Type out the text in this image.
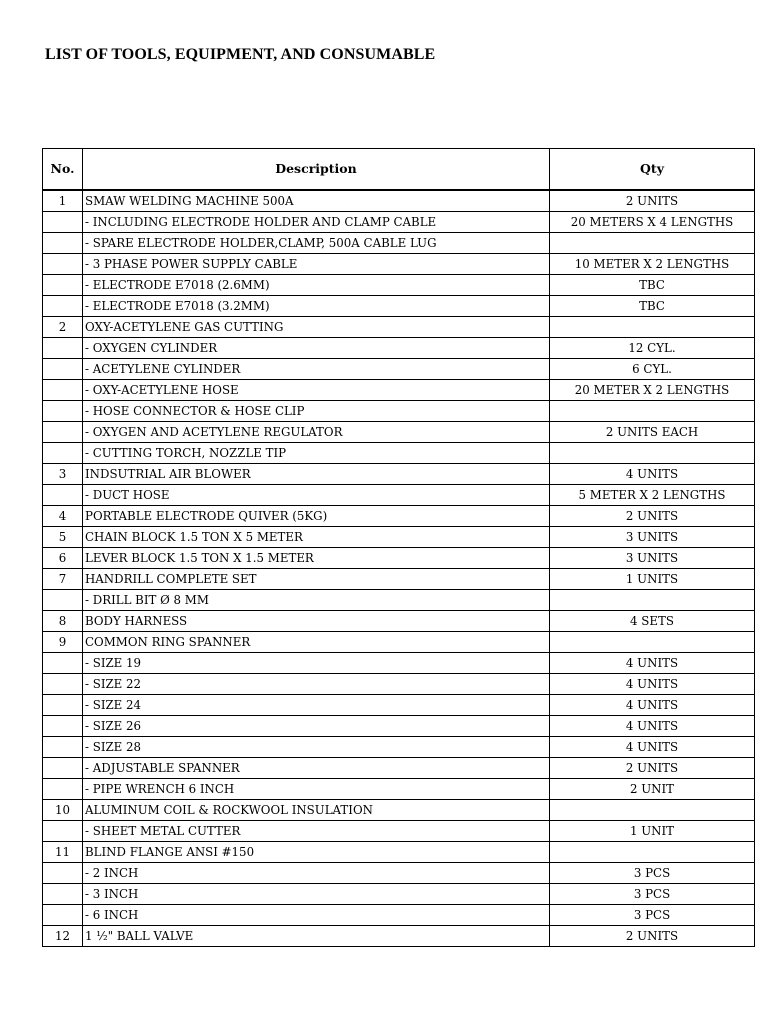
LIST OF TOOLS, EQUIPMENT, AND CONSUMABLE
No.	Description	Qty
1	SMAW WELDING MACHINE 500A	2 UNITS
	- INCLUDING ELECTRODE HOLDER AND CLAMP CABLE	20 METERS X 4 LENGTHS
	- SPARE ELECTRODE HOLDER,CLAMP, 500A CABLE LUG	
	- 3 PHASE POWER SUPPLY CABLE	10 METER X 2 LENGTHS
	- ELECTRODE E7018 (2.6MM)	TBC
	- ELECTRODE E7018 (3.2MM)	TBC
2	OXY-ACETYLENE GAS CUTTING	
	- OXYGEN CYLINDER	12 CYL.
	- ACETYLENE CYLINDER	6 CYL.
	- OXY-ACETYLENE HOSE	20 METER X 2 LENGTHS
	- HOSE CONNECTOR & HOSE CLIP	
	- OXYGEN AND ACETYLENE REGULATOR	2 UNITS EACH
	- CUTTING TORCH, NOZZLE TIP	
3	INDSUTRIAL AIR BLOWER	4 UNITS
	- DUCT HOSE	5 METER X 2 LENGTHS
4	PORTABLE ELECTRODE QUIVER (5KG)	2 UNITS
5	CHAIN BLOCK 1.5 TON X 5 METER	3 UNITS
6	LEVER BLOCK 1.5 TON X 1.5 METER	3 UNITS
7	HANDRILL COMPLETE SET	1 UNITS
	- DRILL BIT Ø 8 MM	
8	BODY HARNESS	4 SETS
9	COMMON RING SPANNER	
	- SIZE 19	4 UNITS
	- SIZE 22	4 UNITS
	- SIZE 24	4 UNITS
	- SIZE 26	4 UNITS
	- SIZE 28	4 UNITS
	- ADJUSTABLE SPANNER	2 UNITS
	- PIPE WRENCH 6 INCH	2 UNIT
10	ALUMINUM COIL & ROCKWOOL INSULATION	
	- SHEET METAL CUTTER	1 UNIT
11	BLIND FLANGE ANSI #150	
	- 2 INCH	3 PCS
	- 3 INCH	3 PCS
	- 6 INCH	3 PCS
12	1 ½" BALL VALVE	2 UNITS
